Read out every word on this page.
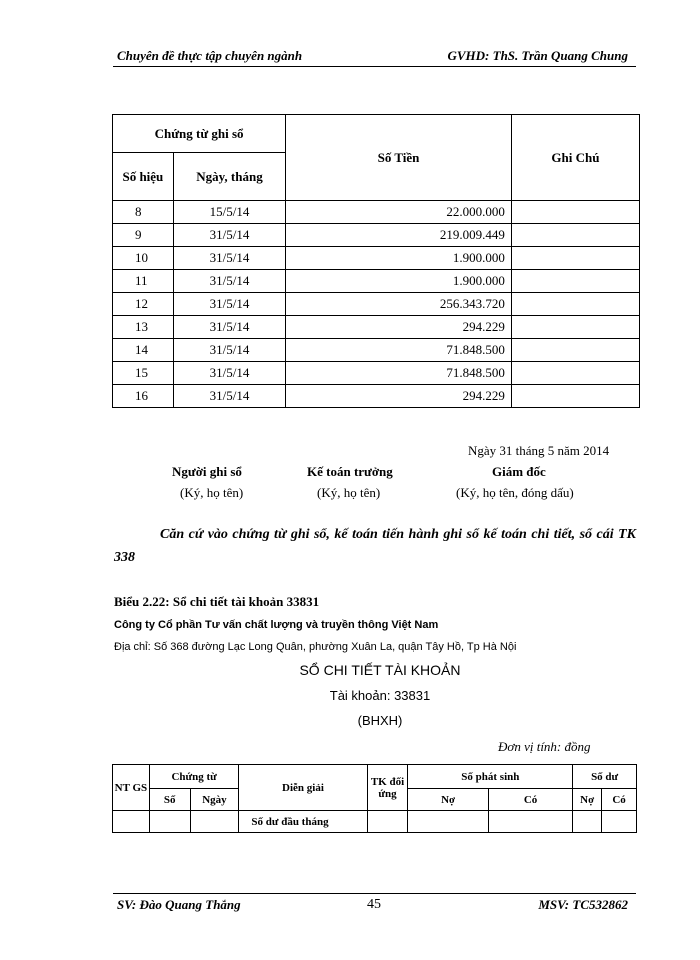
Chuyên đề thực tập chuyên ngành	GVHD: ThS. Trần Quang Chung
Chứng từ ghi sổ		Số Tiền	Ghi Chú
Số hiệu	Ngày, tháng		
8	15/5/14	22.000.000	
9	31/5/14	219.009.449	
10	31/5/14	1.900.000	
11	31/5/14	1.900.000	
12	31/5/14	256.343.720	
13	31/5/14	294.229	
14	31/5/14	71.848.500	
15	31/5/14	71.848.500	
16	31/5/14	294.229	
Ngày 31 tháng 5 năm 2014
Người ghi sổ
(Ký, họ tên)
Kế toán trưởng
(Ký, họ tên)
Giám đốc
(Ký, họ tên, đóng dấu)
Căn cứ vào chứng từ ghi sổ, kế toán tiến hành ghi sổ kế toán chi tiết, sổ cái TK 338
Biểu 2.22: Sổ chi tiết tài khoản 33831
Công ty Cổ phần Tư vấn chất lượng và truyền thông Việt Nam
Địa chỉ: Số 368 đường Lạc Long Quân, phường Xuân La, quận Tây Hồ, Tp Hà Nội
SỔ CHI TIẾT TÀI KHOẢN
Tài khoản: 33831
(BHXH)
Đơn vị tính: đồng
NT GS	Chứng từ		Diễn giải	TK đối ứng	Số phát sinh		Số dư	
	Số	Ngày			Nợ	Có	Nợ	Có
			Số dư đầu tháng					
SV: Đào Quang Thắng	45	MSV: TC532862
